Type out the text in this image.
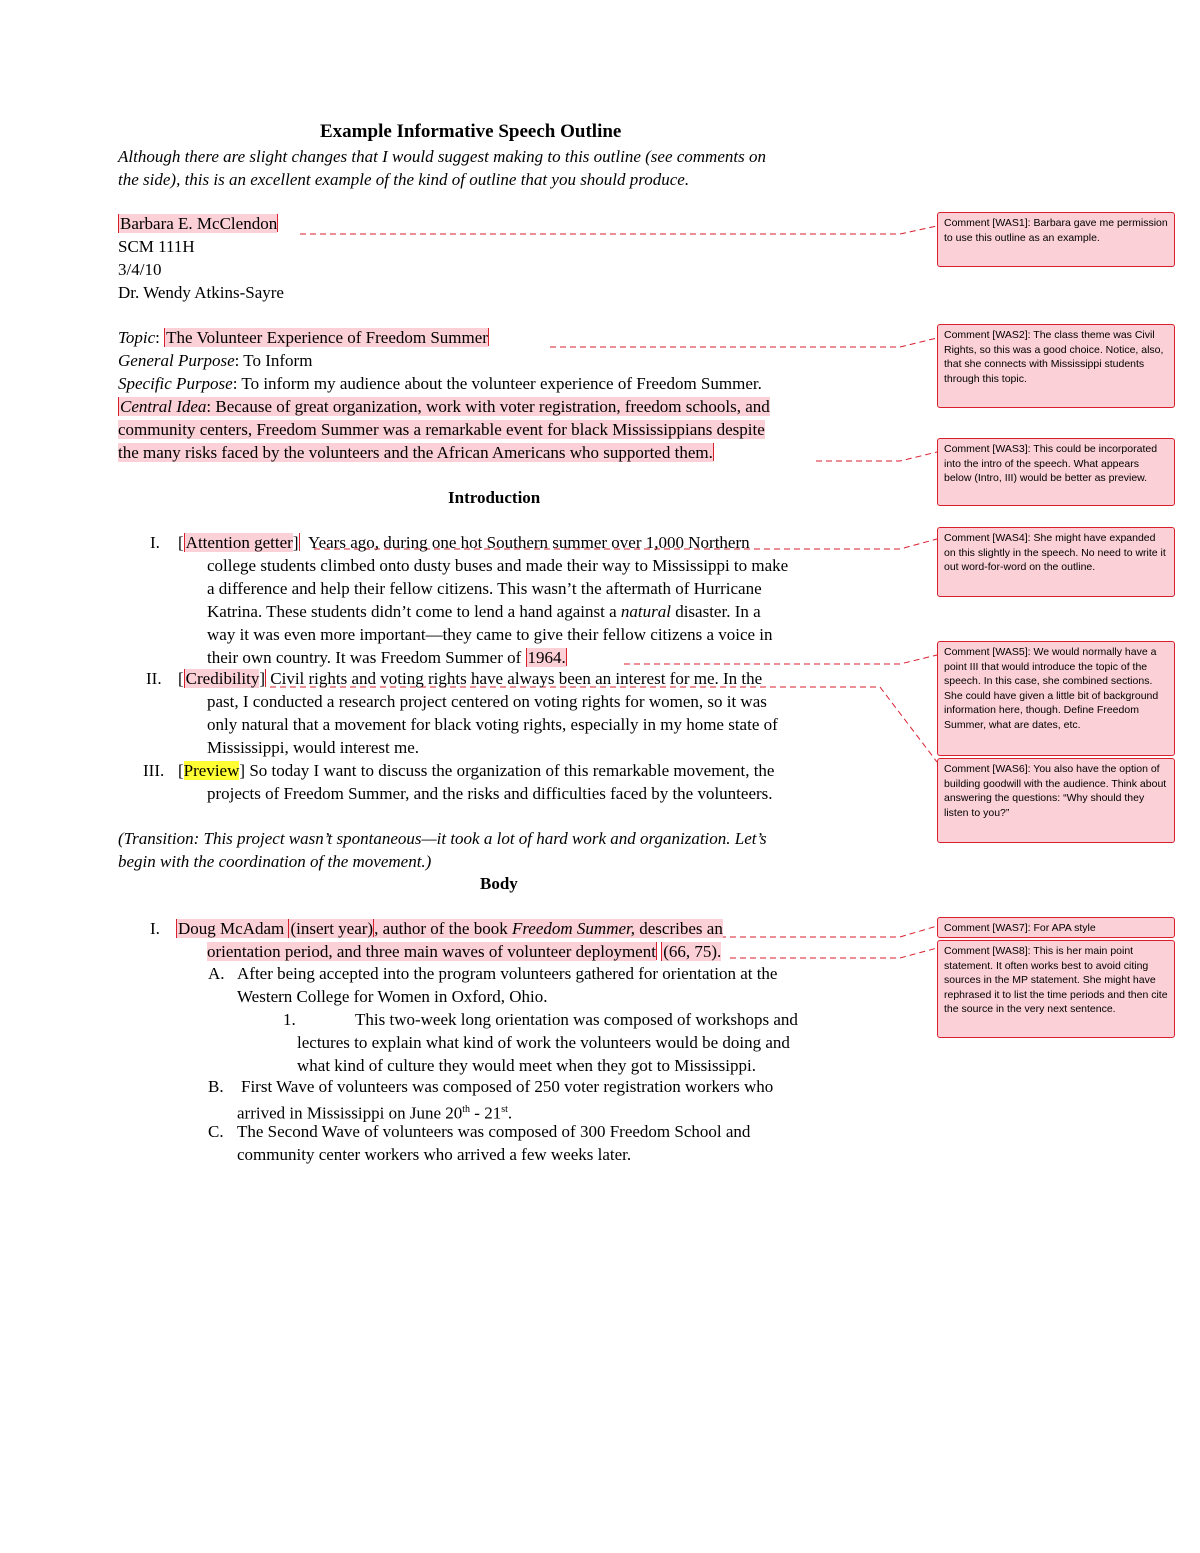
Example Informative Speech Outline
Although there are slight changes that I would suggest making to this outline (see comments on
the side), this is an excellent example of the kind of outline that you should produce.
Barbara E. McClendon
SCM 111H
3/4/10
Dr. Wendy Atkins-Sayre
Topic: The Volunteer Experience of Freedom Summer
General Purpose: To Inform
Specific Purpose: To inform my audience about the volunteer experience of Freedom Summer.
Central Idea: Because of great organization, work with voter registration, freedom schools, and
community centers, Freedom Summer was a remarkable event for black Mississippians despite
the many risks faced by the volunteers and the African Americans who supported them.
Introduction
I. [ Attention getter] Years ago, during one hot Southern summer over 1,000 Northern
college students climbed onto dusty buses and made their way to Mississippi to make
a difference and help their fellow citizens. This wasn’t the aftermath of Hurricane
Katrina. These students didn’t come to lend a hand against a natural disaster. In a
way it was even more important—they came to give their fellow citizens a voice in
their own country. It was Freedom Summer of 1964.
II. [ Credibility] Civil rights and voting rights have always been an interest for me. In the
past, I conducted a research project centered on voting rights for women, so it was
only natural that a movement for black voting rights, especially in my home state of
Mississippi, would interest me.
III. [Preview] So today I want to discuss the organization of this remarkable movement, the
projects of Freedom Summer, and the risks and difficulties faced by the volunteers.
(Transition: This project wasn’t spontaneous—it took a lot of hard work and organization. Let’s
begin with the coordination of the movement.)
Body
I. Doug McAdam (insert year), author of the book Freedom Summer, describes an
orientation period, and three main waves of volunteer deployment (66, 75).
A. After being accepted into the program volunteers gathered for orientation at the
Western College for Women in Oxford, Ohio.
1.	This two-week long orientation was composed of workshops and
lectures to explain what kind of work the volunteers would be doing and
what kind of culture they would meet when they got to Mississippi.
B. First Wave of volunteers was composed of 250 voter registration workers who
arrived in Mississippi on June 20th - 21st.
C. The Second Wave of volunteers was composed of 300 Freedom School and
community center workers who arrived a few weeks later.
Comment [WAS1]: Barbara gave me permission to use this outline as an example.
Comment [WAS2]: The class theme was Civil Rights, so this was a good choice. Notice, also, that she connects with Mississippi students through this topic.
Comment [WAS3]: This could be incorporated into the intro of the speech. What appears below (Intro, III) would be better as preview.
Comment [WAS4]: She might have expanded on this slightly in the speech. No need to write it out word-for-word on the outline.
Comment [WAS5]: We would normally have a point III that would introduce the topic of the speech. In this case, she combined sections. She could have given a little bit of background information here, though. Define Freedom Summer, what are dates, etc.
Comment [WAS6]: You also have the option of building goodwill with the audience. Think about answering the questions: “Why should they listen to you?”
Comment [WAS7]: For APA style
Comment [WAS8]: This is her main point statement. It often works best to avoid citing sources in the MP statement. She might have rephrased it to list the time periods and then cite the source in the very next sentence.
